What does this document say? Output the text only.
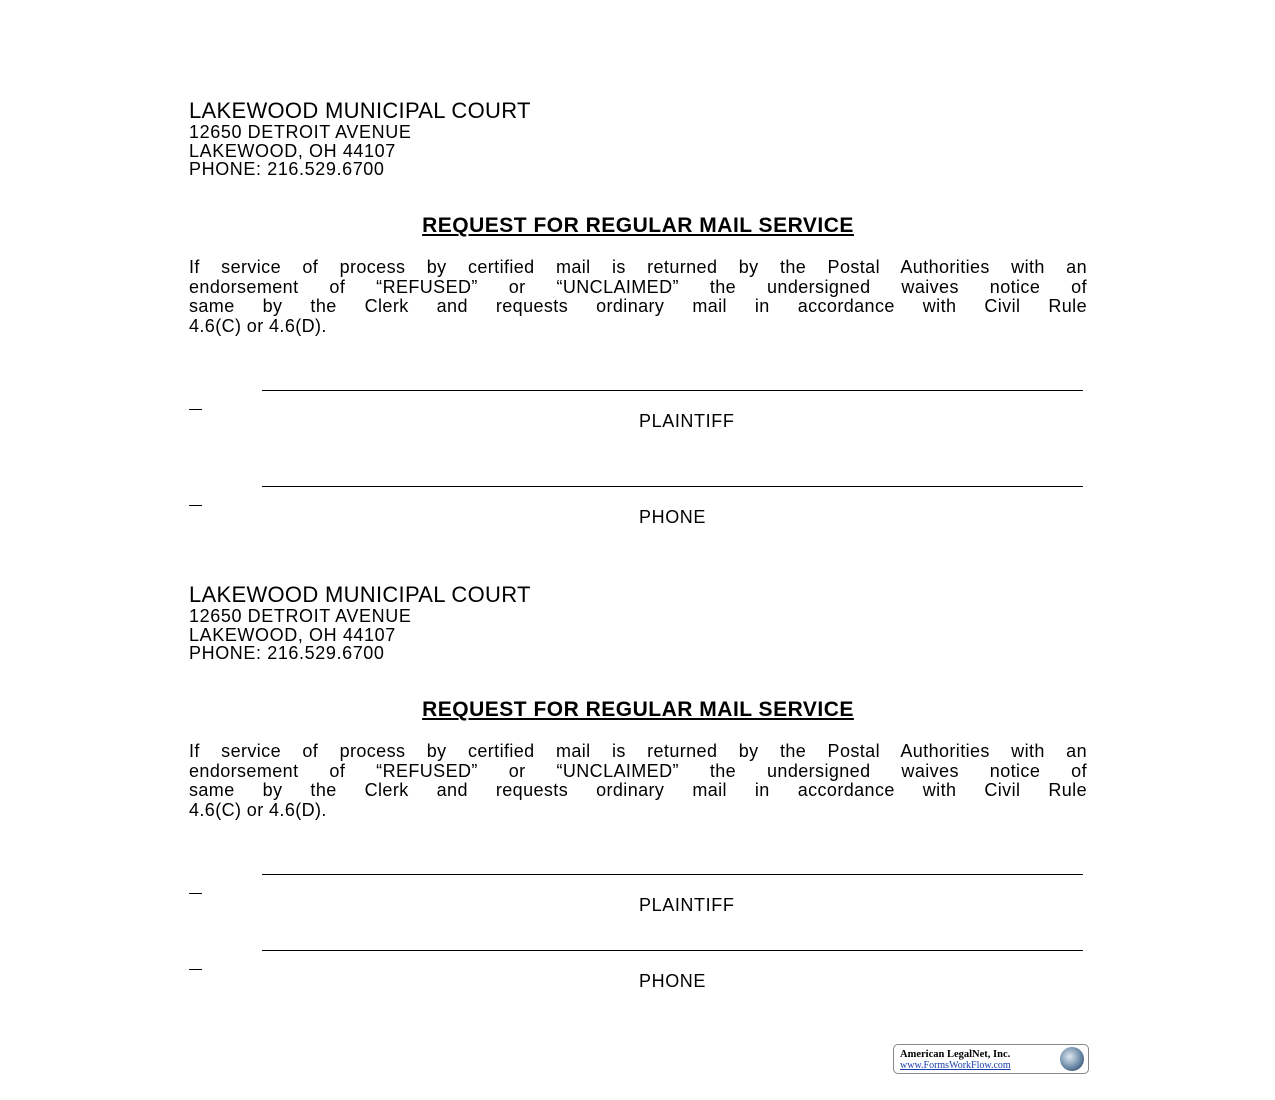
LAKEWOOD MUNICIPAL COURT
12650 DETROIT AVENUE
LAKEWOOD, OH 44107
PHONE: 216.529.6700
REQUEST FOR REGULAR MAIL SERVICE
If service of process by certified mail is returned by the Postal Authorities with an
endorsement of “REFUSED” or “UNCLAIMED” the undersigned waives notice of
same by the Clerk and requests ordinary mail in accordance with Civil Rule
4.6(C) or 4.6(D).
PLAINTIFF
PHONE
LAKEWOOD MUNICIPAL COURT
12650 DETROIT AVENUE
LAKEWOOD, OH 44107
PHONE: 216.529.6700
REQUEST FOR REGULAR MAIL SERVICE
If service of process by certified mail is returned by the Postal Authorities with an
endorsement of “REFUSED” or “UNCLAIMED” the undersigned waives notice of
same by the Clerk and requests ordinary mail in accordance with Civil Rule
4.6(C) or 4.6(D).
PLAINTIFF
PHONE
American LegalNet, Inc.
www.FormsWorkFlow.com
